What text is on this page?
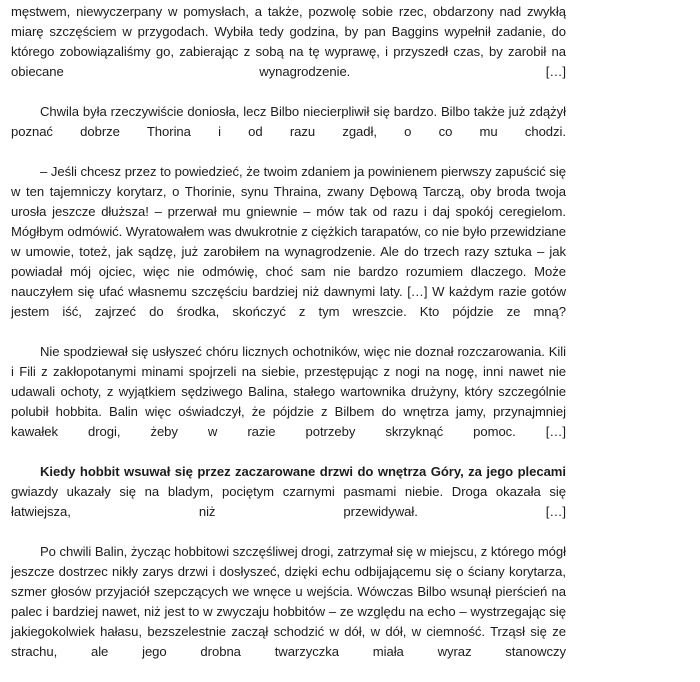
męstwem, niewyczerpany w pomysłach, a także, pozwolę sobie rzec, obdarzony nad zwykłą miarę szczęściem w przygodach. Wybiła tedy godzina, by pan Baggins wypełnił zadanie, do którego zobowiązaliśmy go, zabierając z sobą na tę wyprawę, i przyszedł czas, by zarobił na obiecane wynagrodzenie. […]

Chwila była rzeczywiście doniosła, lecz Bilbo niecierpliwił się bardzo. Bilbo także już zdążył poznać dobrze Thorina i od razu zgadł, o co mu chodzi.

– Jeśli chcesz przez to powiedzieć, że twoim zdaniem ja powinienem pierwszy zapuścić się w ten tajemniczy korytarz, o Thorinie, synu Thraina, zwany Dębową Tarczą, oby broda twoja urosła jeszcze dłuższa! – przerwał mu gniewnie – mów tak od razu i daj spokój ceregielom. Mógłbym odmówić. Wyratowałem was dwukrotnie z ciężkich tarapatów, co nie było przewidziane w umowie, toteż, jak sądzę, już zarobiłem na wynagrodzenie. Ale do trzech razy sztuka – jak powiadał mój ojciec, więc nie odmówię, choć sam nie bardzo rozumiem dlaczego. Może nauczyłem się ufać własnemu szczęściu bardziej niż dawnymi laty. […] W każdym razie gotów jestem iść, zajrzeć do środka, skończyć z tym wreszcie. Kto pójdzie ze mną?

Nie spodziewał się usłyszeć chóru licznych ochotników, więc nie doznał rozczarowania. Kili i Fili z zakłopotanymi minami spojrzeli na siebie, przestępując z nogi na nogę, inni nawet nie udawali ochoty, z wyjątkiem sędziwego Balina, stałego wartownika drużyny, który szczególnie polubił hobbita. Balin więc oświadczył, że pójdzie z Bilbem do wnętrza jamy, przynajmniej kawałek drogi, żeby w razie potrzeby skrzyknąć pomoc. […]

Kiedy hobbit wsuwał się przez zaczarowane drzwi do wnętrza Góry, za jego plecami gwiazdy ukazały się na bladym, pociętym czarnymi pasmami niebie. Droga okazała się łatwiejsza, niż przewidywał. […]

Po chwili Balin, życząc hobbitowi szczęśliwej drogi, zatrzymał się w miejscu, z którego mógł jeszcze dostrzec nikły zarys drzwi i dosłyszeć, dzięki echu odbijającemu się o ściany korytarza, szmer głosów przyjaciół szepczących we wnęce u wejścia. Wówczas Bilbo wsunął pierścień na palec i bardziej nawet, niż jest to w zwyczaju hobbitów – ze względu na echo – wystrzegając się jakiegokolwiek hałasu, bezszelestnie zaczął schodzić w dół, w dół, w ciemność. Trząsł się ze strachu, ale jego drobna twarzyczka miała wyraz stanowczy
